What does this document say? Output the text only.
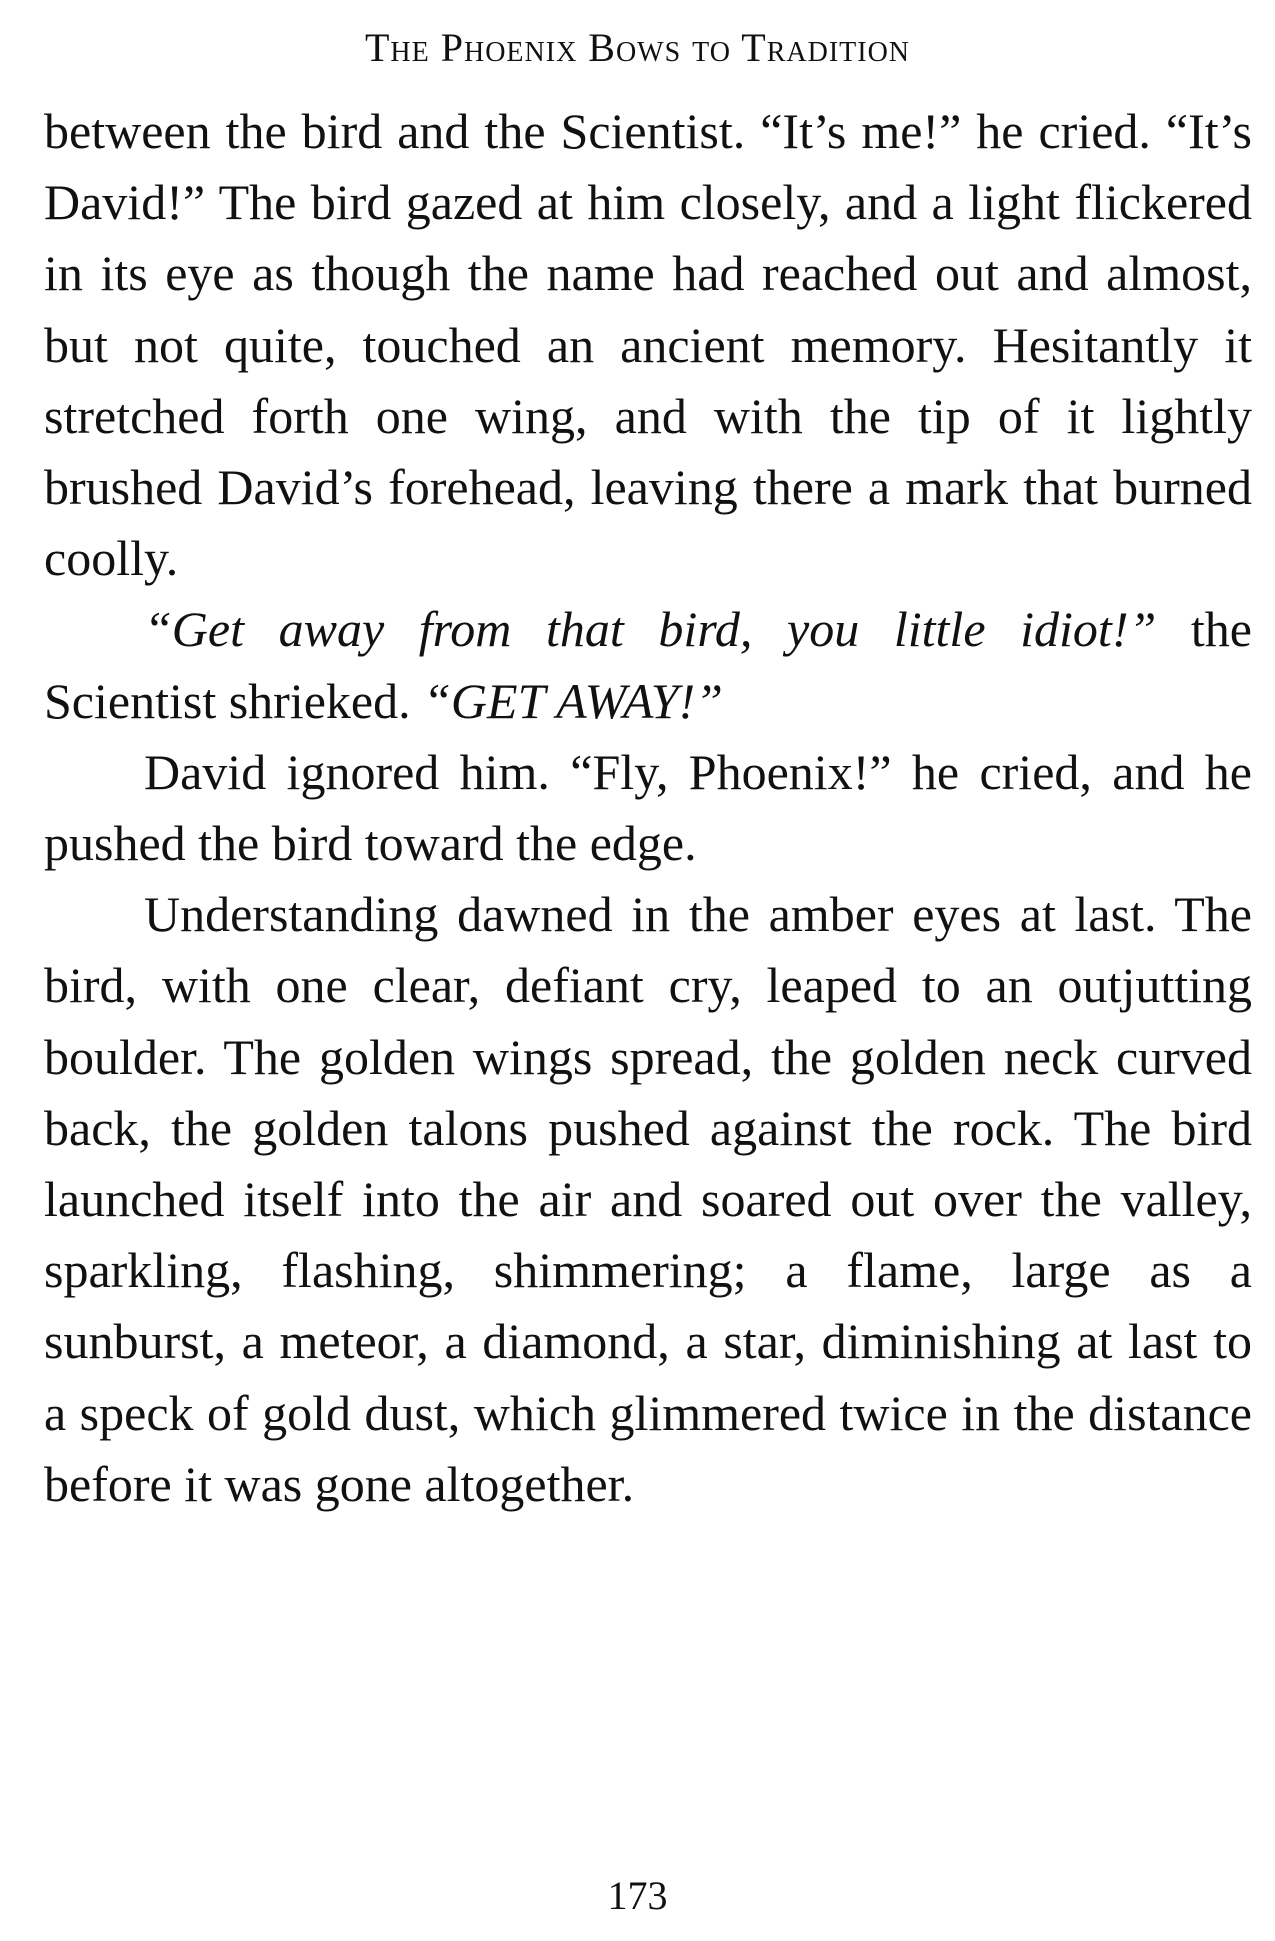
The Phoenix Bows to Tradition

between the bird and the Scientist. “It’s me!” he cried. “It’s David!” The bird gazed at him closely, and a light flickered in its eye as though the name had reached out and almost, but not quite, touched an ancient memory. Hesitantly it stretched forth one wing, and with the tip of it lightly brushed David’s forehead, leaving there a mark that burned coolly.

“Get away from that bird, you little idiot!” the Scientist shrieked. “GET AWAY!”

David ignored him. “Fly, Phoenix!” he cried, and he pushed the bird toward the edge.

Understanding dawned in the amber eyes at last. The bird, with one clear, defiant cry, leaped to an outjutting boulder. The golden wings spread, the golden neck curved back, the golden talons pushed against the rock. The bird launched itself into the air and soared out over the valley, sparkling, flashing, shimmering; a flame, large as a sunburst, a meteor, a diamond, a star, diminishing at last to a speck of gold dust, which glimmered twice in the distance before it was gone altogether.

173
